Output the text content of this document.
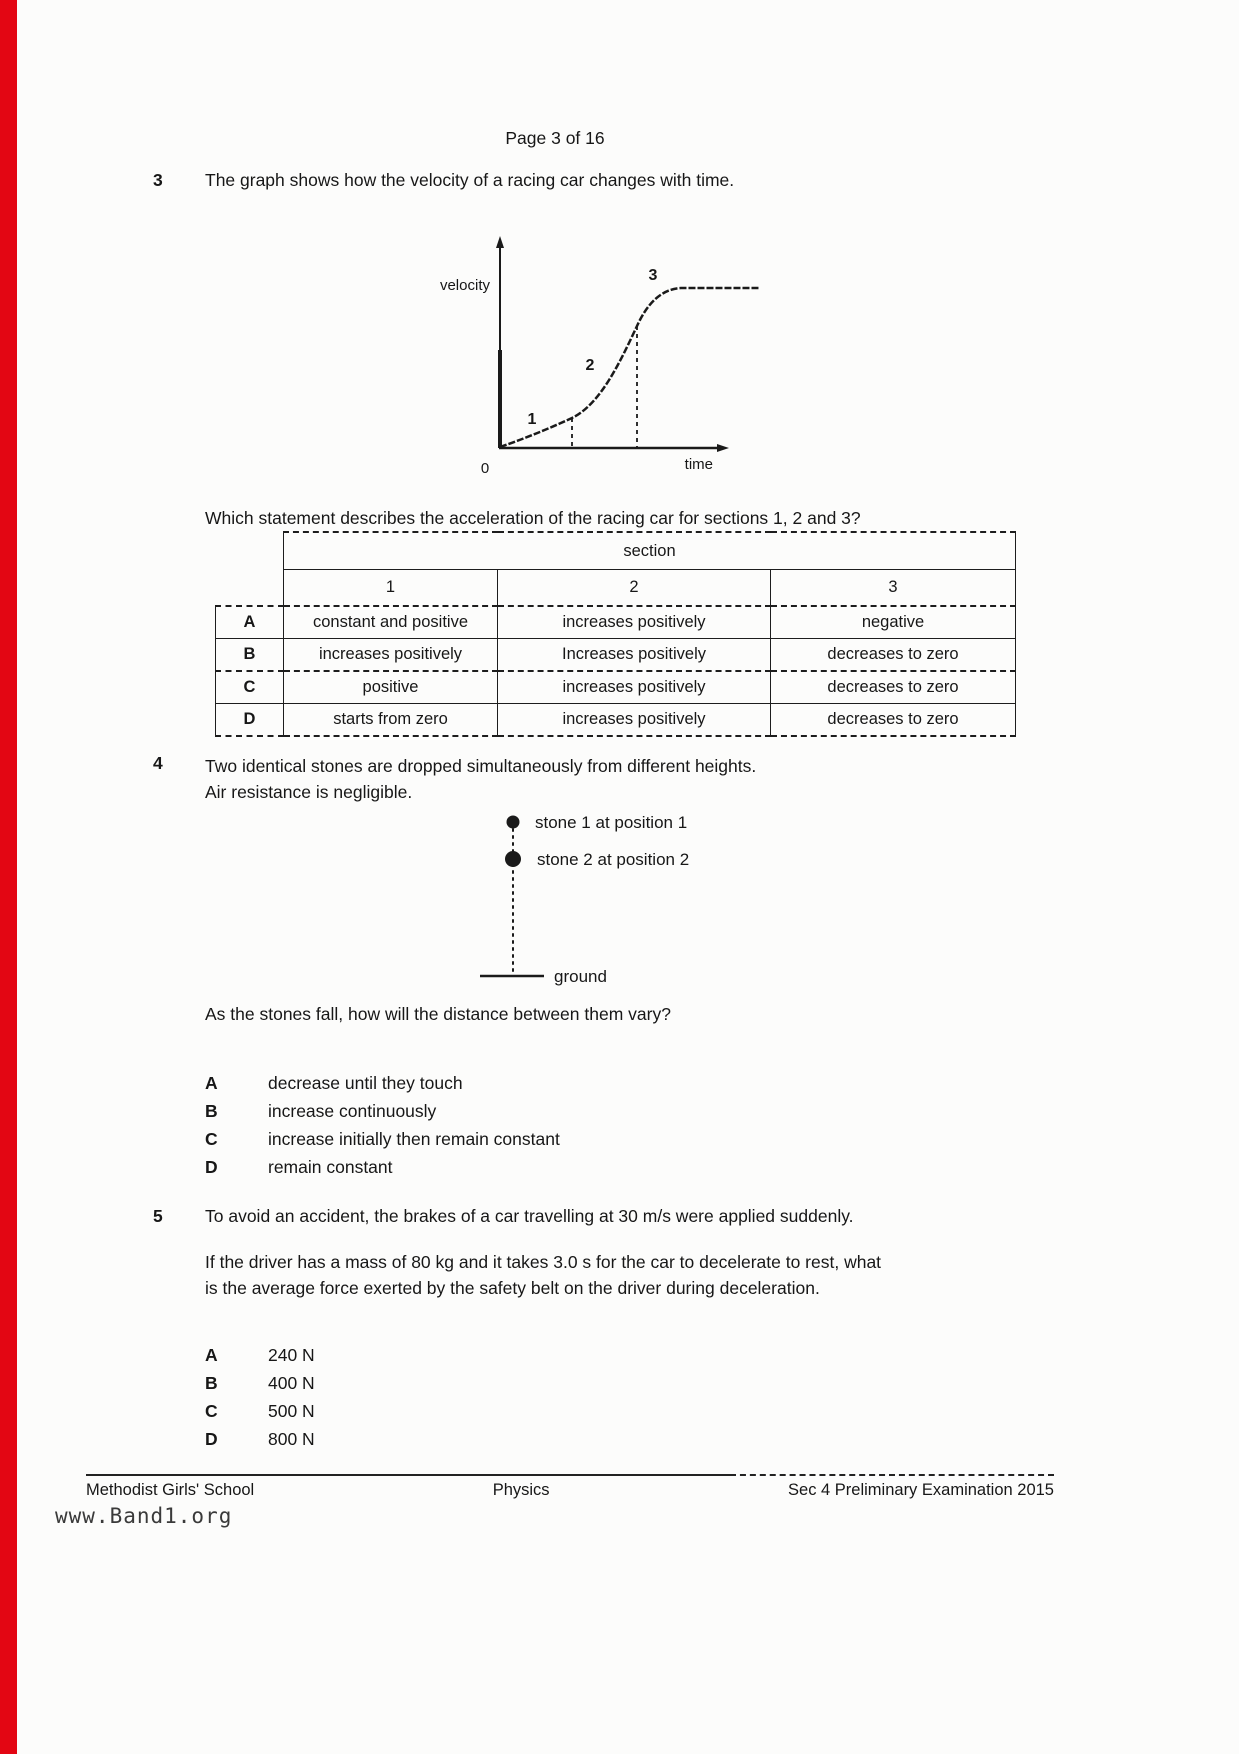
Page 3 of 16
3	The graph shows how the velocity of a racing car changes with time.
velocity
time
0
1
2
3
Which statement describes the acceleration of the racing car for sections 1, 2 and 3?
	section		
	1	2	3
A	constant and positive	increases positively	negative
B	increases positively	Increases positively	decreases to zero
C	positive	increases positively	decreases to zero
D	starts from zero	increases positively	decreases to zero
4	Two identical stones are dropped simultaneously from different heights.
Air resistance is negligible.
stone 1 at position 1
stone 2 at position 2
ground
As the stones fall, how will the distance between them vary?
A	decrease until they touch
B	increase continuously
C	increase initially then remain constant
D	remain constant
5	To avoid an accident, the brakes of a car travelling at 30 m/s were applied suddenly.
If the driver has a mass of 80 kg and it takes 3.0 s for the car to decelerate to rest, what
is the average force exerted by the safety belt on the driver during deceleration.
A	240 N
B	400 N
C	500 N
D	800 N
Methodist Girls' School	Physics	Sec 4 Preliminary Examination 2015
www.Band1.org
